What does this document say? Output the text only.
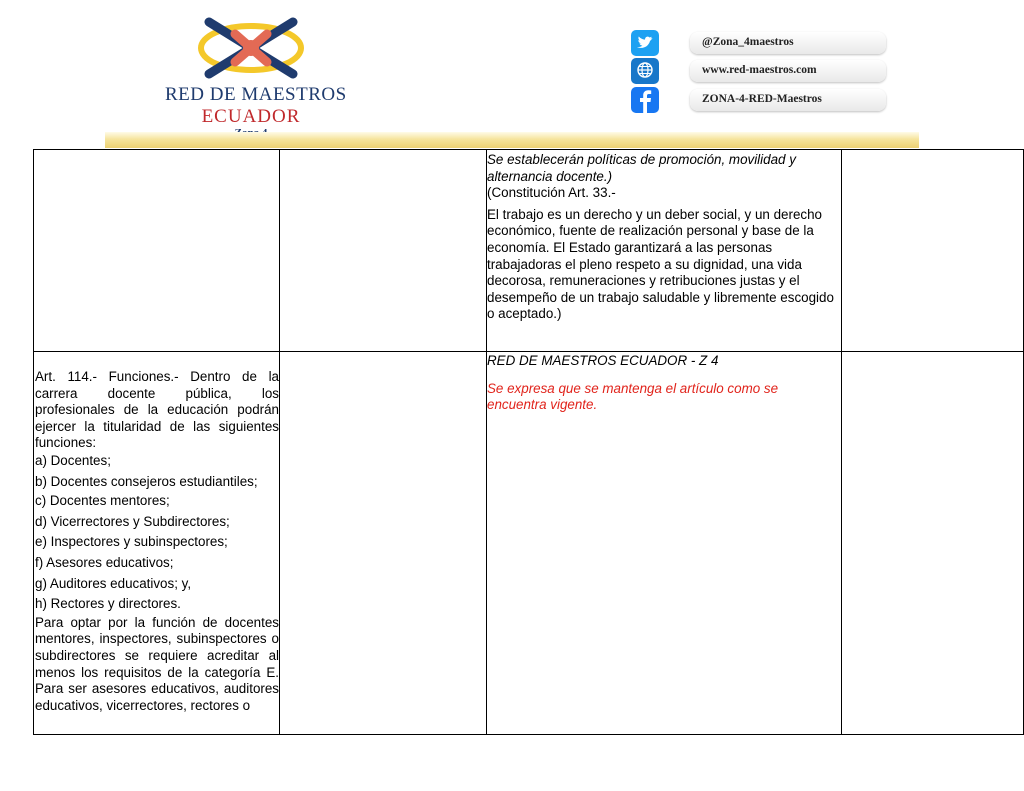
RED DE MAESTROS
ECUADOR
@Zona_4maestros
www.red-maestros.com
ZONA-4-RED-Maestros

Se establecerán políticas de promoción, movilidad y

alternancia docente.)

(Constitución Art. 33.-

El trabajo es un derecho y un deber social, y un derecho económico, fuente de realización personal y base de la economía. El Estado garantizará a las personas trabajadoras el pleno respeto a su dignidad, una vida decorosa, remuneraciones y retribuciones justas y el desempeño de un trabajo saludable y libremente escogido o aceptado.)

Art. 114.- Funciones.- Dentro de la carrera docente pública, los profesionales de la educación podrán ejercer la titularidad de las siguientes funciones:

a) Docentes;

b) Docentes consejeros estudiantiles;

c) Docentes mentores;

d) Vicerrectores y Subdirectores;

e) Inspectores y subinspectores;

f) Asesores educativos;

g) Auditores educativos; y,

h) Rectores y directores.

Para optar por la función de docentes mentores, inspectores, subinspectores o subdirectores se requiere acreditar al menos los requisitos de la categoría E. Para ser asesores educativos, auditores educativos, vicerrectores, rectores o

RED DE MAESTROS ECUADOR - Z 4

Se expresa que se mantenga el artículo como se encuentra vigente.
